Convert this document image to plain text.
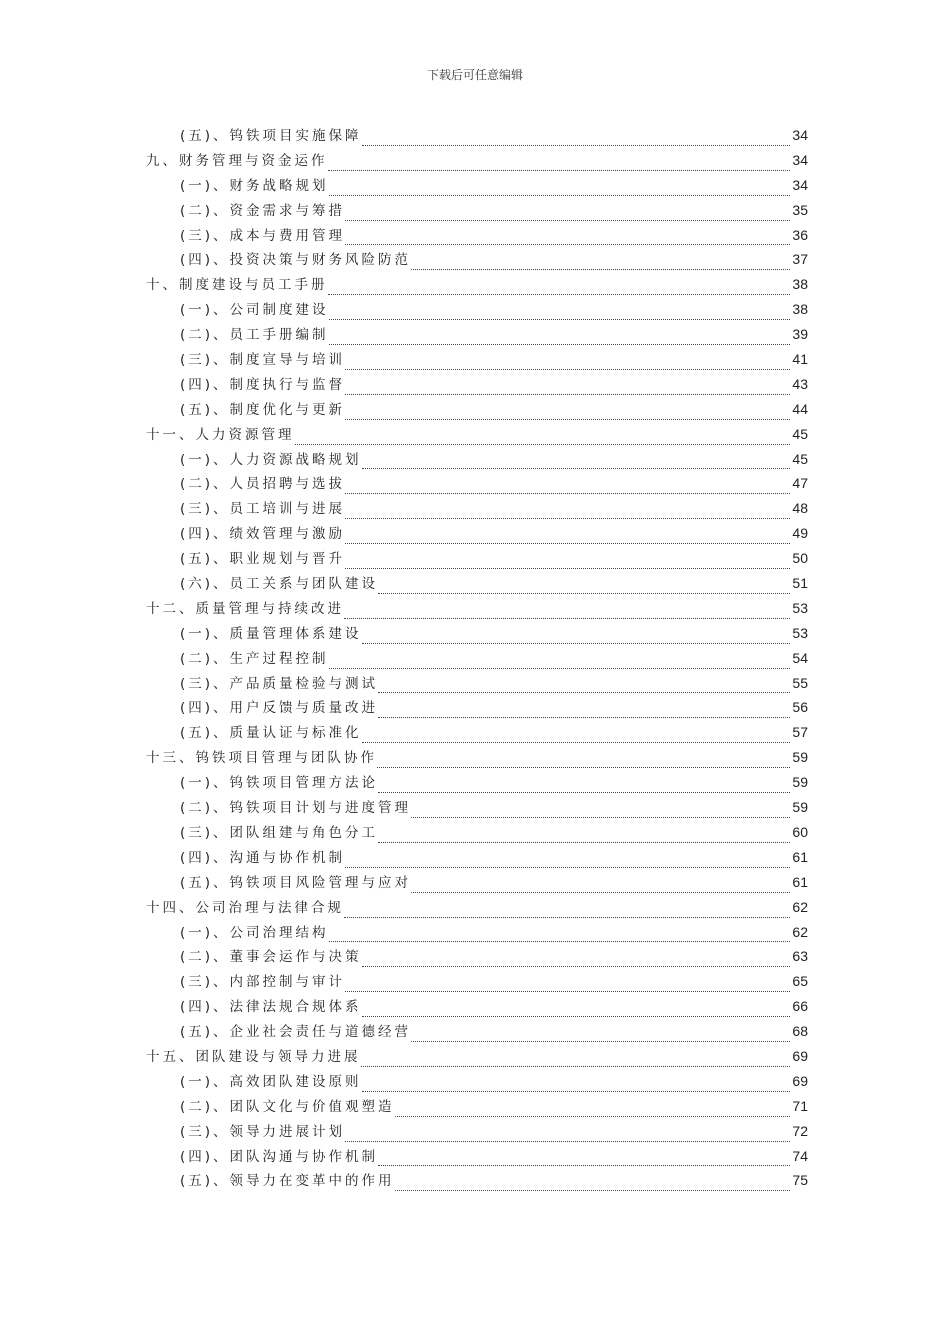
下载后可任意编辑
(五)、钨铁项目实施保障	34
九、财务管理与资金运作	34
(一)、财务战略规划	34
(二)、资金需求与筹措	35
(三)、成本与费用管理	36
(四)、投资决策与财务风险防范	37
十、制度建设与员工手册	38
(一)、公司制度建设	38
(二)、员工手册编制	39
(三)、制度宣导与培训	41
(四)、制度执行与监督	43
(五)、制度优化与更新	44
十一、人力资源管理	45
(一)、人力资源战略规划	45
(二)、人员招聘与选拔	47
(三)、员工培训与进展	48
(四)、绩效管理与激励	49
(五)、职业规划与晋升	50
(六)、员工关系与团队建设	51
十二、质量管理与持续改进	53
(一)、质量管理体系建设	53
(二)、生产过程控制	54
(三)、产品质量检验与测试	55
(四)、用户反馈与质量改进	56
(五)、质量认证与标准化	57
十三、钨铁项目管理与团队协作	59
(一)、钨铁项目管理方法论	59
(二)、钨铁项目计划与进度管理	59
(三)、团队组建与角色分工	60
(四)、沟通与协作机制	61
(五)、钨铁项目风险管理与应对	61
十四、公司治理与法律合规	62
(一)、公司治理结构	62
(二)、董事会运作与决策	63
(三)、内部控制与审计	65
(四)、法律法规合规体系	66
(五)、企业社会责任与道德经营	68
十五、团队建设与领导力进展	69
(一)、高效团队建设原则	69
(二)、团队文化与价值观塑造	71
(三)、领导力进展计划	72
(四)、团队沟通与协作机制	74
(五)、领导力在变革中的作用	75
